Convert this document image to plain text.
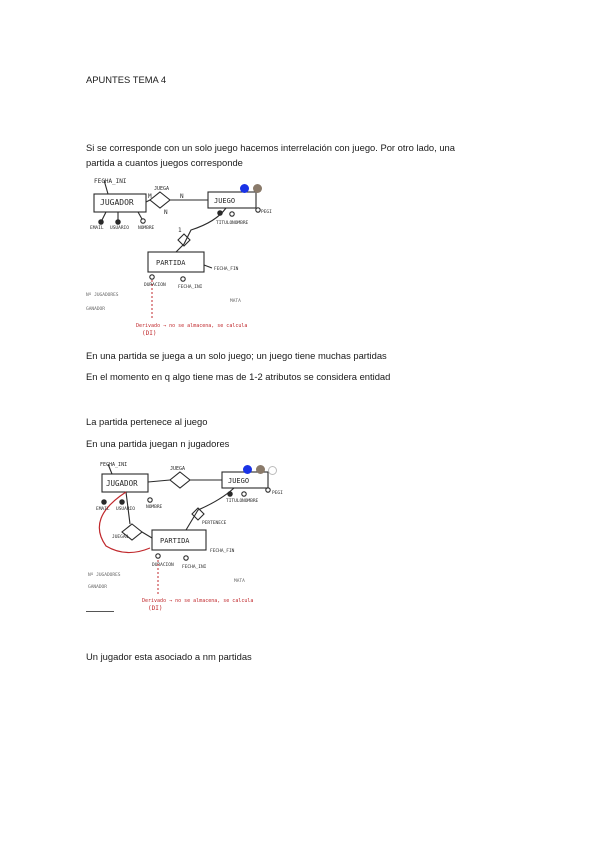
APUNTES TEMA 4
Si se corresponde con un solo juego hacemos interrelación con juego. Por otro lado, una partida a cuantos juegos corresponde
FECHA_INI
JUGADOR	JUEGO
PARTIDA
JUEGA
M	N
N
1
EMAIL USUARIO NOMBRE
TITULO NOMBRE
PEGI
FECHA_FIN
DURACION	FECHA_INI
Nº JUGADORES
GANADOR
MATA
Derivado → no se almacena, se calcula
(DI)
En una partida se juega a un solo juego; un juego tiene muchas partidas
En el momento en q algo tiene mas de 1-2 atributos se considera entidad
La partida pertenece al juego
En una partida juegan n jugadores
FECHA_INI
JUGADOR	JUEGO
PARTIDA
JUEGA
PERTENECE
JUEGAN
EMAIL USUARIO NOMBRE
TITULO NOMBRE
PEGI
FECHA_FIN
DURACION FECHA_INI
Nº JUGADORES
GANADOR
MATA
Derivado → no se almacena, se calcula
(DI)
Un jugador esta asociado a nm partidas
